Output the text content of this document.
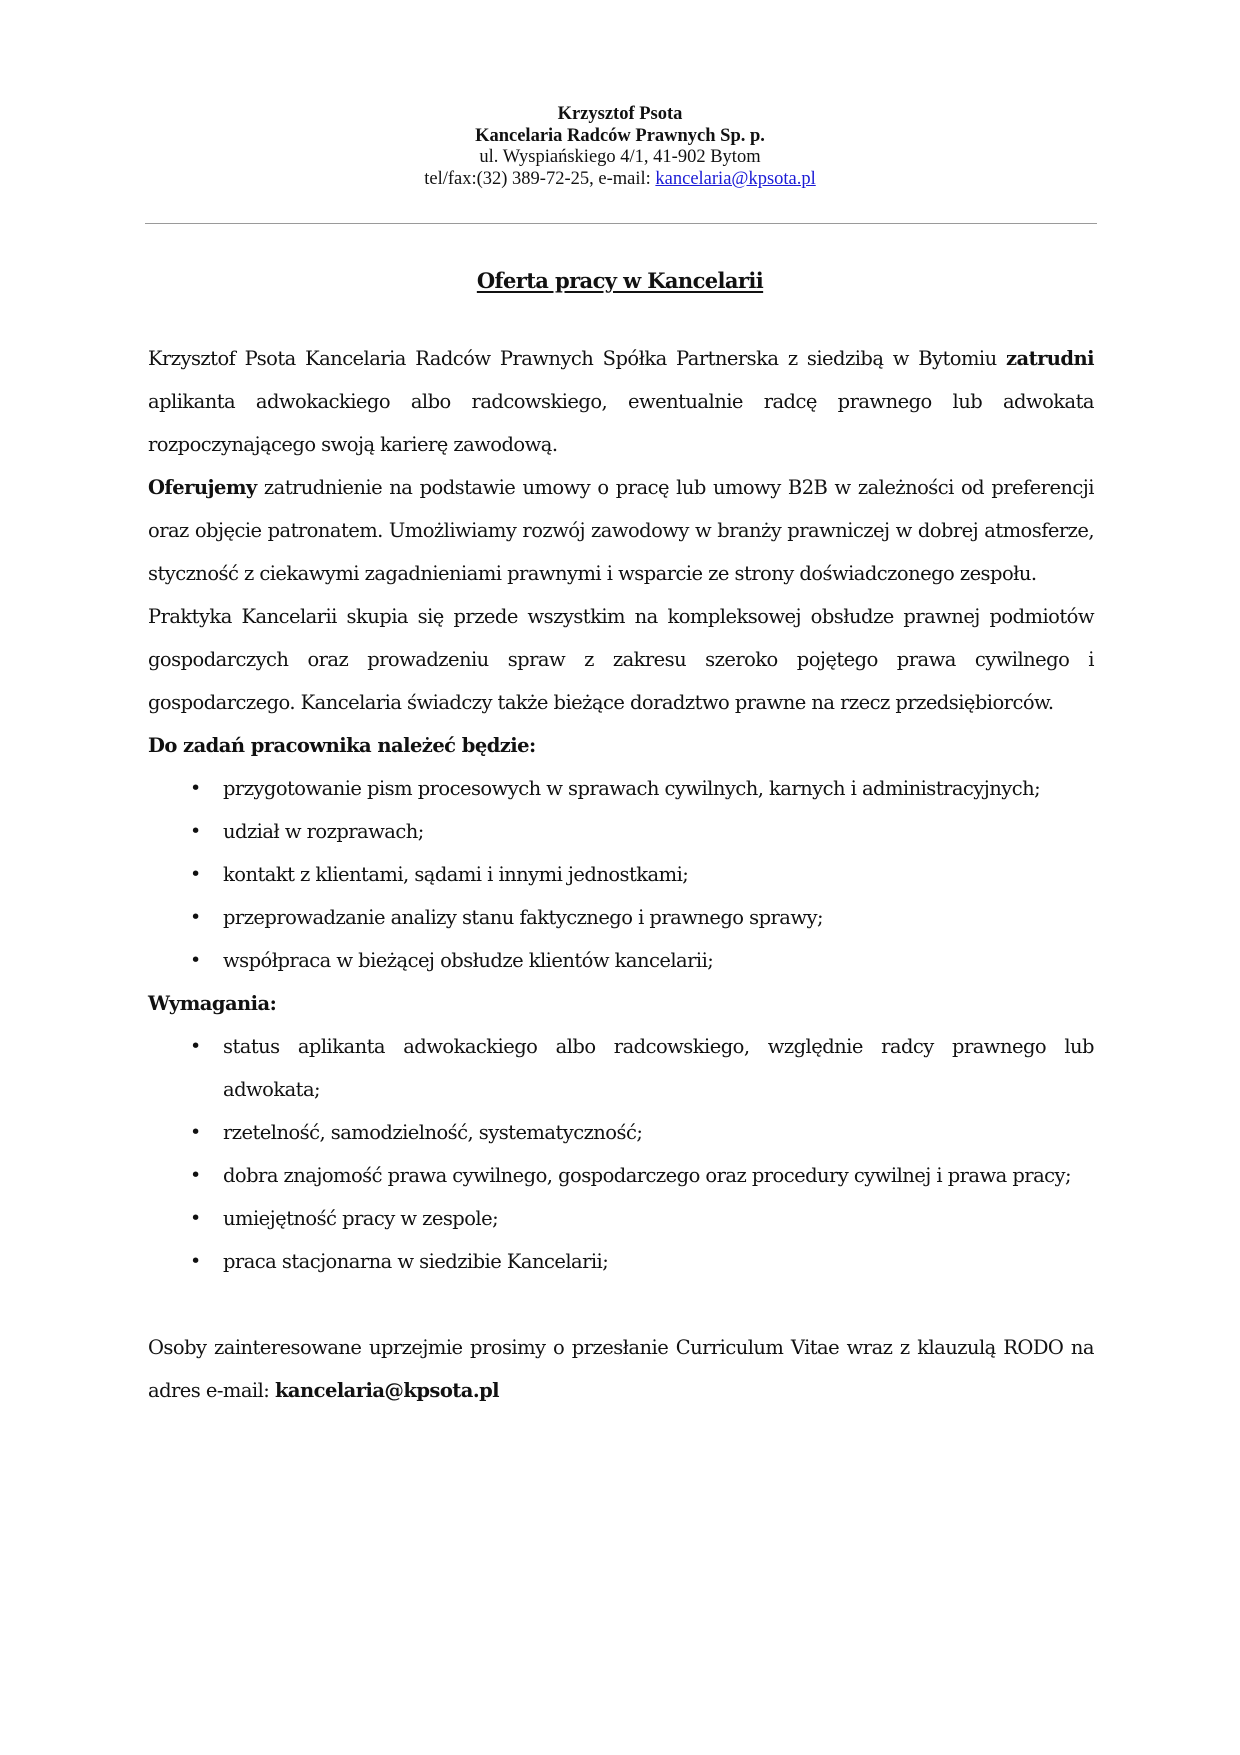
Krzysztof Psota
Kancelaria Radców Prawnych Sp. p.
ul. Wyspiańskiego 4/1, 41-902 Bytom
tel/fax:(32) 389-72-25, e-mail: kancelaria@kpsota.pl
Oferta pracy w Kancelarii

Krzysztof Psota Kancelaria Radców Prawnych Spółka Partnerska z siedzibą w Bytomiu zatrudni aplikanta adwokackiego albo radcowskiego, ewentualnie radcę prawnego lub adwokata rozpoczynającego swoją karierę zawodową.

Oferujemy zatrudnienie na podstawie umowy o pracę lub umowy B2B w zależności od preferencji oraz objęcie patronatem. Umożliwiamy rozwój zawodowy w branży prawniczej w dobrej atmosferze, styczność z ciekawymi zagadnieniami prawnymi i wsparcie ze strony doświadczonego zespołu.

Praktyka Kancelarii skupia się przede wszystkim na kompleksowej obsłudze prawnej podmiotów gospodarczych oraz prowadzeniu spraw z zakresu szeroko pojętego prawa cywilnego i gospodarczego. Kancelaria świadczy także bieżące doradztwo prawne na rzecz przedsiębiorców.

Do zadań pracownika należeć będzie:
• przygotowanie pism procesowych w sprawach cywilnych, karnych i administracyjnych;
• udział w rozprawach;
• kontakt z klientami, sądami i innymi jednostkami;
• przeprowadzanie analizy stanu faktycznego i prawnego sprawy;
• współpraca w bieżącej obsłudze klientów kancelarii;
Wymagania:
• status aplikanta adwokackiego albo radcowskiego, względnie radcy prawnego lub adwokata;
• rzetelność, samodzielność, systematyczność;
• dobra znajomość prawa cywilnego, gospodarczego oraz procedury cywilnej i prawa pracy;
• umiejętność pracy w zespole;
• praca stacjonarna w siedzibie Kancelarii;

Osoby zainteresowane uprzejmie prosimy o przesłanie Curriculum Vitae wraz z klauzulą RODO na adres e-mail: kancelaria@kpsota.pl
